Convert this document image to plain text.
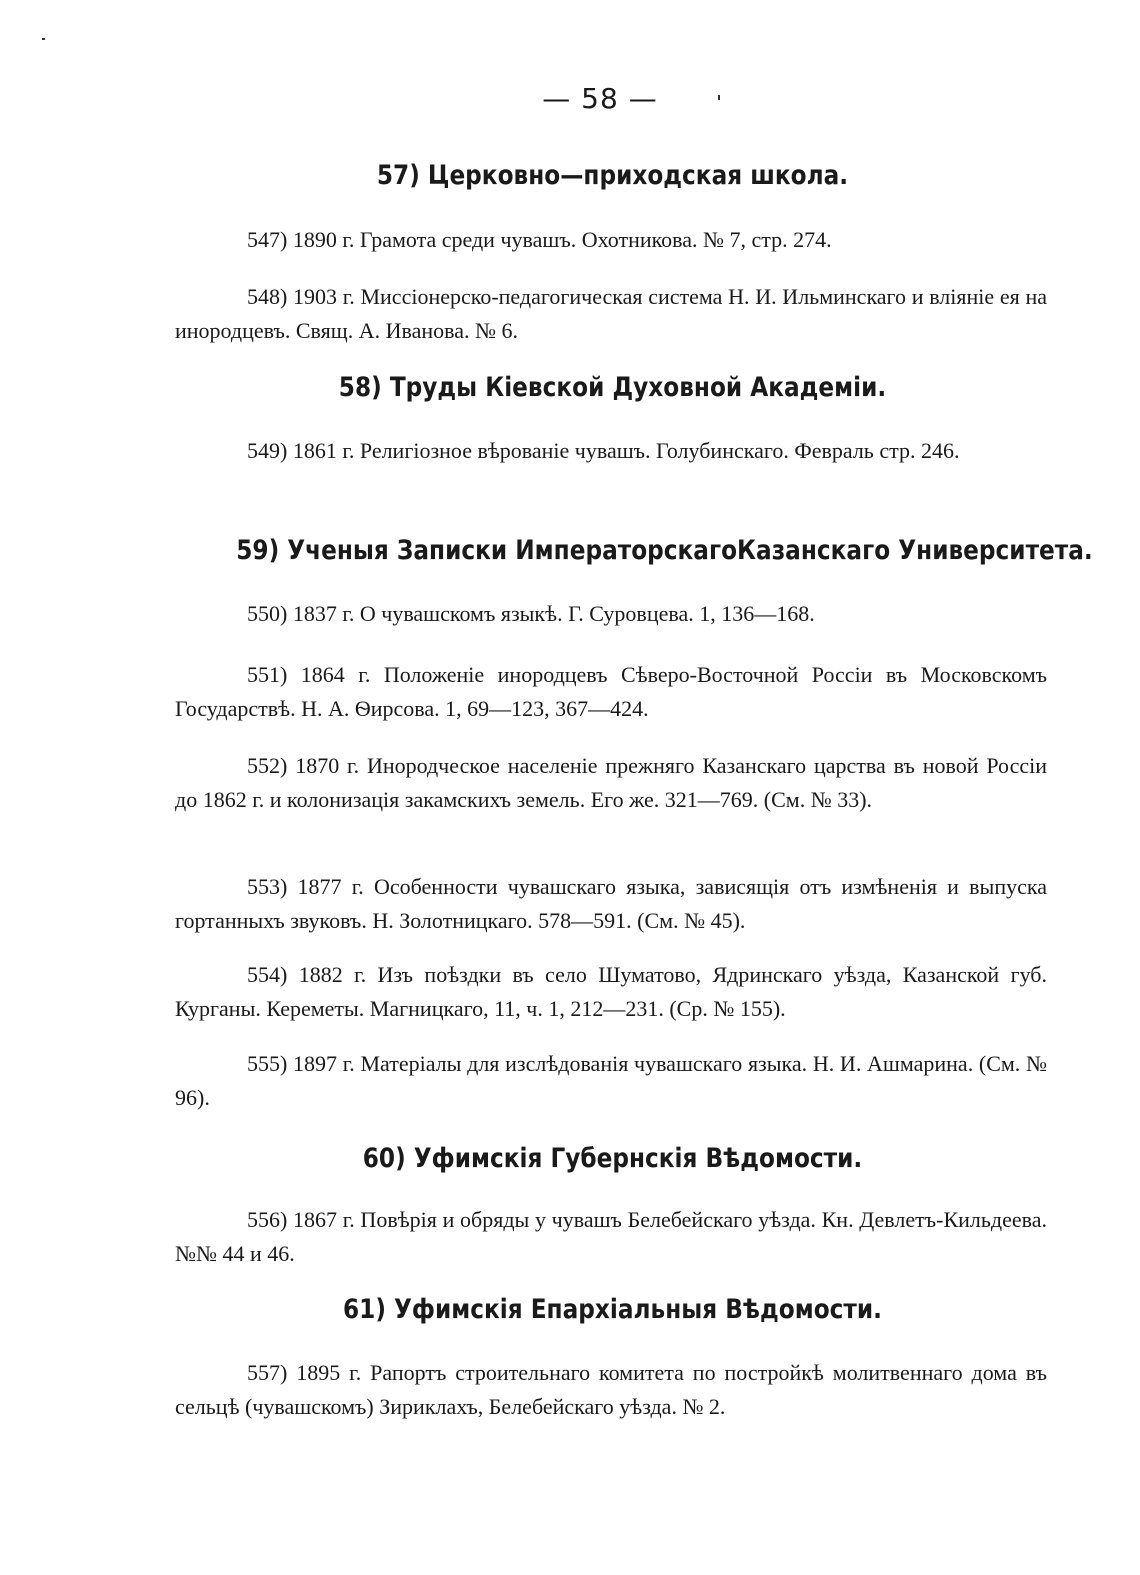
— 58 —
57) Церковно—приходская школа.
547) 1890 г. Грамота среди чувашъ. Охотникова. № 7, стр. 274.
548) 1903 г. Миссіонерско-педагогическая система Н. И. Ильминскаго и вліяніе ея на инородцевъ. Свящ. А. Иванова. № 6.
58) Труды Кіевской Духовной Академіи.
549) 1861 г. Религіозное вѣрованіе чувашъ. Голубинскаго. Февраль стр. 246.
59) Ученыя Записки ИмператорскагоКазанскаго Университета.
550) 1837 г. О чувашскомъ языкѣ. Г. Суровцева. 1, 136—168.
551) 1864 г. Положеніе инородцевъ Сѣверо-Восточной Россіи въ Московскомъ Государствѣ. Н. А. Ѳирсова. 1, 69—123, 367—424.
552) 1870 г. Инородческое населеніе прежняго Казанскаго царства въ новой Россіи до 1862 г. и колонизація закамскихъ земель. Его же. 321—769. (См. № 33).
553) 1877 г. Особенности чувашскаго языка, зависящія отъ измѣненія и выпуска гортанныхъ звуковъ. Н. Золотницкаго. 578—591. (См. № 45).
554) 1882 г. Изъ поѣздки въ село Шуматово, Ядринскаго уѣзда, Казанской губ. Курганы. Кереметы. Магницкаго, 11, ч. 1, 212—231. (Ср. № 155).
555) 1897 г. Матеріалы для изслѣдованія чувашскаго языка. Н. И. Ашмарина. (См. № 96).
60) Уфимскія Губернскія Вѣдомости.
556) 1867 г. Повѣрія и обряды у чувашъ Белебейскаго уѣзда. Кн. Девлетъ-Кильдеева. №№ 44 и 46.
61) Уфимскія Епархіальныя Вѣдомости.
557) 1895 г. Рапортъ строительнаго комитета по постройкѣ молитвеннаго дома въ сельцѣ (чувашскомъ) Зириклахъ, Белебейскаго уѣзда. № 2.
